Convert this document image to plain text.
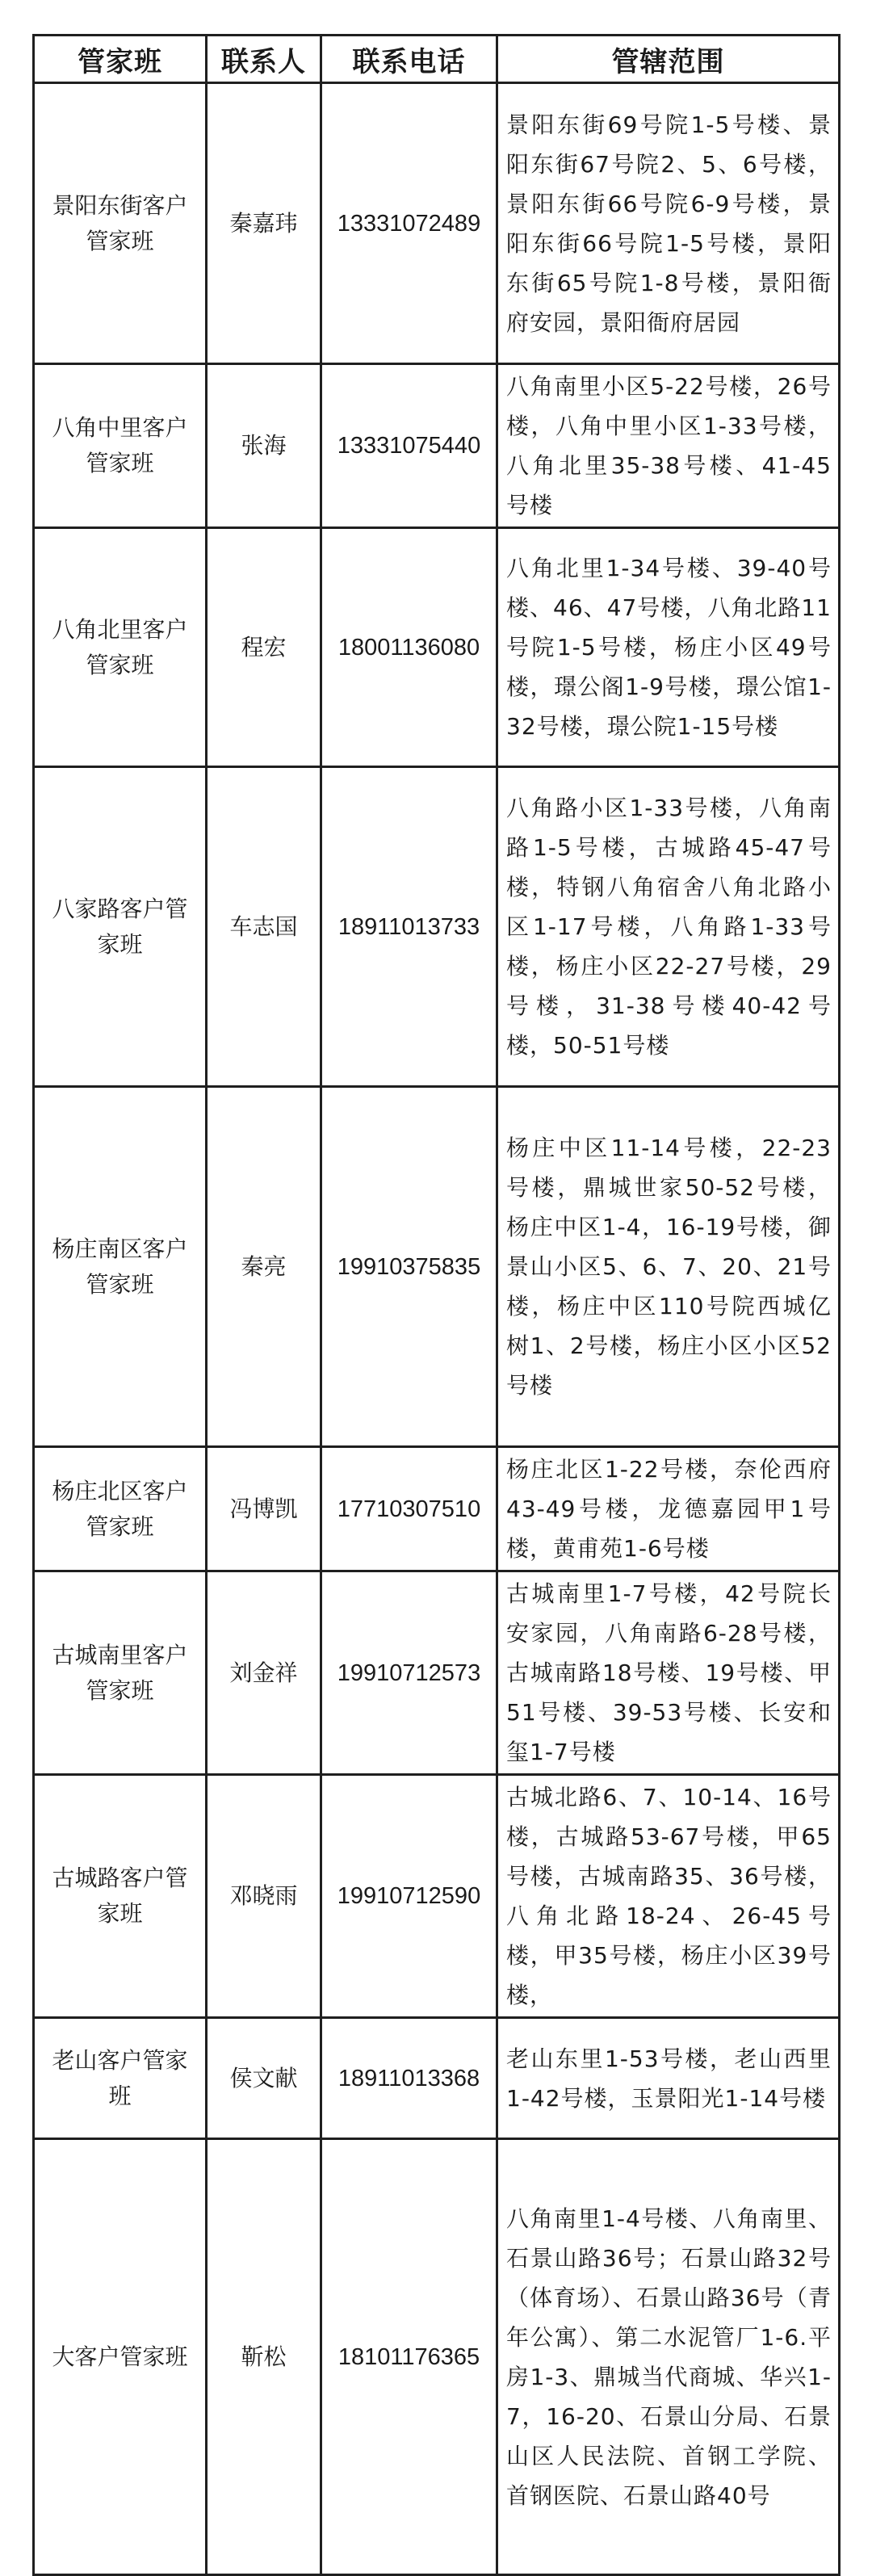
管家班	联系人	联系电话	管辖范围
景阳东街客户管家班	秦嘉玮	13331072489	景阳东街69号院1-5号楼、景阳东街67号院2、5、6号楼，景阳东街66号院6-9号楼，景阳东街66号院1-5号楼，景阳东街65号院1-8号楼，景阳衙府安园，景阳衙府居园
八角中里客户管家班	张海	13331075440	八角南里小区5-22号楼，26号楼，八角中里小区1-33号楼，八角北里35-38号楼、41-45号楼
八角北里客户管家班	程宏	18001136080	八角北里1-34号楼、39-40号楼、46、47号楼，八角北路11号院1-5号楼，杨庄小区49号楼，璟公阁1-9号楼，璟公馆1-32号楼，璟公院1-15号楼
八家路客户管家班	车志国	18911013733	八角路小区1-33号楼，八角南路1-5号楼，古城路45-47号楼，特钢八角宿舍八角北路小区1-17号楼，八角路1-33号楼，杨庄小区22-27号楼，29号楼，31-38号楼40-42号楼，50-51号楼
杨庄南区客户管家班	秦亮	19910375835	杨庄中区11-14号楼，22-23号楼，鼎城世家50-52号楼，杨庄中区1-4，16-19号楼，御景山小区5、6、7、20、21号楼，杨庄中区110号院西城亿树1、2号楼，杨庄小区小区52号楼
杨庄北区客户管家班	冯博凯	17710307510	杨庄北区1-22号楼，奈伦西府43-49号楼，龙德嘉园甲1号楼，黄甫苑1-6号楼
古城南里客户管家班	刘金祥	19910712573	古城南里1-7号楼，42号院长安家园，八角南路6-28号楼，古城南路18号楼、19号楼、甲51号楼、39-53号楼、长安和玺1-7号楼
古城路客户管家班	邓晓雨	19910712590	古城北路6、7、10-14、16号楼，古城路53-67号楼，甲65号楼，古城南路35、36号楼，八角北路18-24、26-45号楼，甲35号楼，杨庄小区39号楼，
老山客户管家班	侯文献	18911013368	老山东里1-53号楼，老山西里1-42号楼，玉景阳光1-14号楼
大客户管家班	靳松	18101176365	八角南里1-4号楼、八角南里、石景山路36号；石景山路32号（体育场）、石景山路36号（青年公寓）、第二水泥管厂1-6.平房1-3、鼎城当代商城、华兴1-7，16-20、石景山分局、石景山区人民法院、首钢工学院、首钢医院、石景山路40号
